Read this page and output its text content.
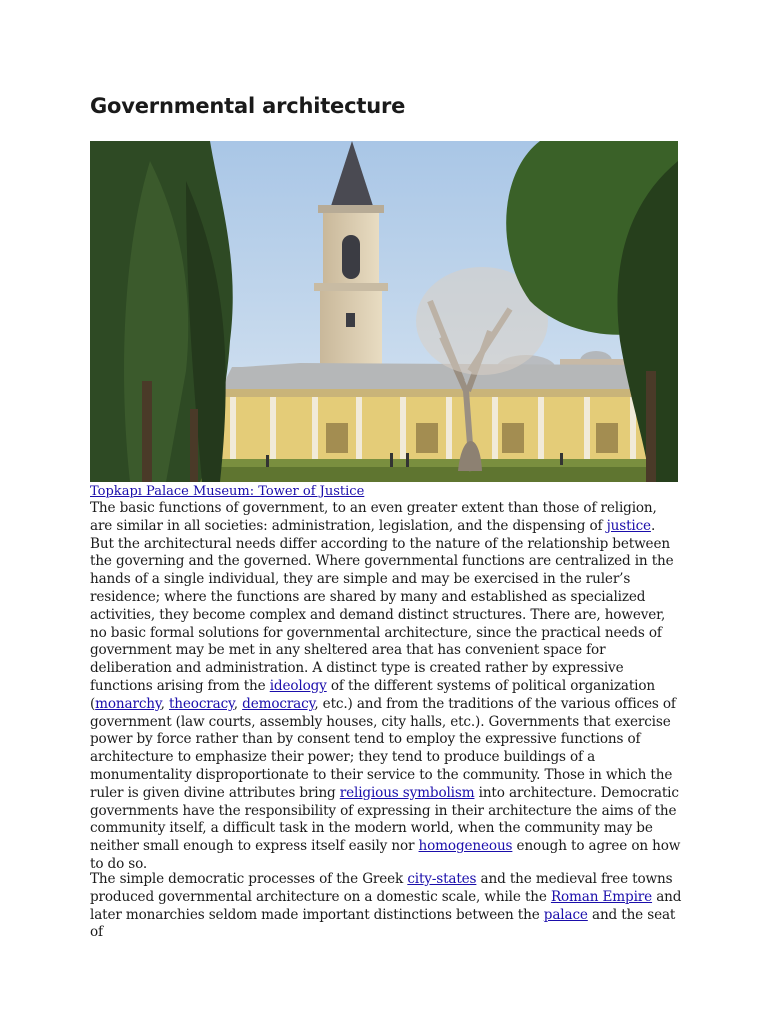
Governmental architecture
Topkapı Palace Museum: Tower of Justice

The basic functions of government, to an even greater extent than those of religion, are similar in all societies: administration, legislation, and the dispensing of justice. But the architectural needs differ according to the nature of the relationship between the governing and the governed. Where governmental functions are centralized in the hands of a single individual, they are simple and may be exercised in the ruler’s residence; where the functions are shared by many and established as specialized activities, they become complex and demand distinct structures. There are, however, no basic formal solutions for governmental architecture, since the practical needs of government may be met in any sheltered area that has convenient space for deliberation and administration. A distinct type is created rather by expressive functions arising from the ideology of the different systems of political organization (monarchy, theocracy, democracy, etc.) and from the traditions of the various offices of government (law courts, assembly houses, city halls, etc.). Governments that exercise power by force rather than by consent tend to employ the expressive functions of architecture to emphasize their power; they tend to produce buildings of a monumentality disproportionate to their service to the community. Those in which the ruler is given divine attributes bring religious symbolism into architecture. Democratic governments have the responsibility of expressing in their architecture the aims of the community itself, a difficult task in the modern world, when the community may be neither small enough to express itself easily nor homogeneous enough to agree on how to do so.

The simple democratic processes of the Greek city-states and the medieval free towns produced governmental architecture on a domestic scale, while the Roman Empire and later monarchies seldom made important distinctions between the palace and the seat of
